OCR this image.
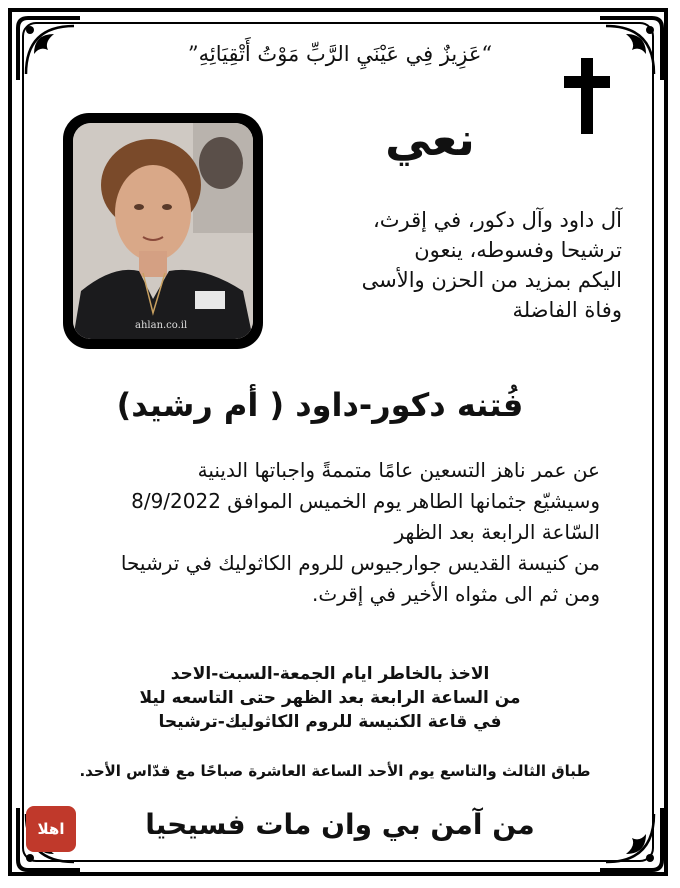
“عَزِيزٌ فِي عَيْنَيِ الرَّبِّ مَوْتُ أَتْقِيَائِهِ”
نعي
ahlan.co.il
آل داود وآل دكور، في إقرث،
ترشيحا وفسوطه، ينعون
اليكم بمزيد من الحزن والأسى
وفاة الفاضلة
فُتنه دكور-داود ( أم رشيد)
عن عمر ناهز التسعين عامًا متممةً واجباتها الدينية
وسيشيّع جثمانها الطاهر يوم الخميس الموافق 8/9/2022
السّاعة الرابعة بعد الظهر
من كنيسة القديس جوارجيوس للروم الكاثوليك في ترشيحا
ومن ثم الى مثواه الأخير في إقرث.
الاخذ بالخاطر ايام الجمعة-السبت-الاحد
من الساعة الرابعة بعد الظهر حتى التاسعه ليلا
في قاعة الكنيسة للروم الكاثوليك-ترشيحا
طباق الثالث والتاسع يوم الأحد الساعة العاشرة صباحًا مع قدّاس الأحد.
من آمن بي وان مات فسيحيا
اهلا
